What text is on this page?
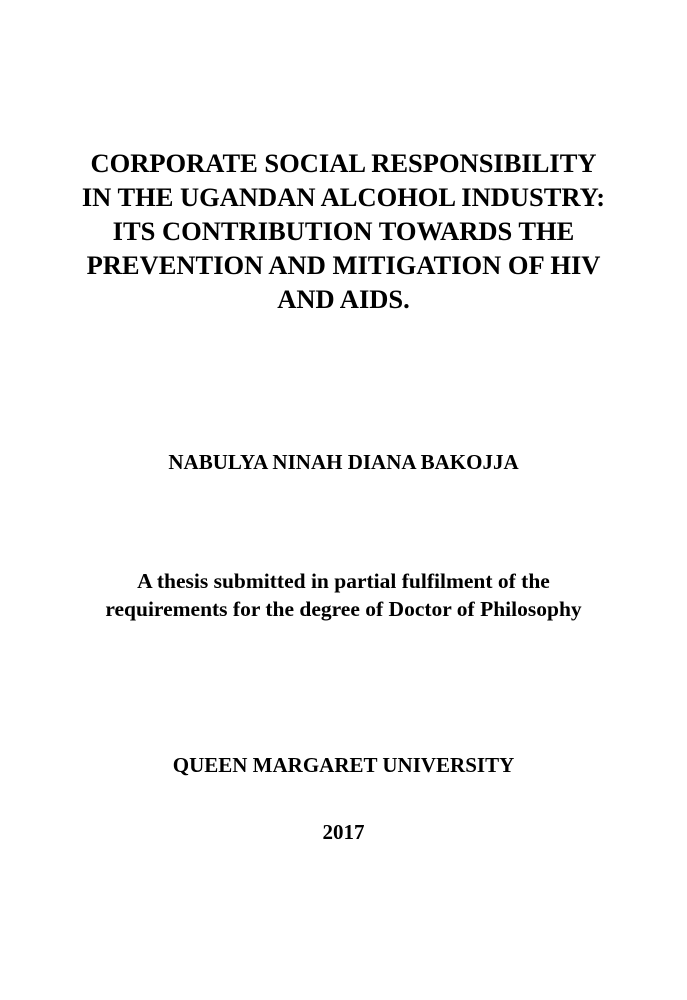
CORPORATE SOCIAL RESPONSIBILITY
IN THE UGANDAN ALCOHOL INDUSTRY:
ITS CONTRIBUTION TOWARDS THE
PREVENTION AND MITIGATION OF HIV
AND AIDS.
NABULYA NINAH DIANA BAKOJJA
A thesis submitted in partial fulfilment of the
requirements for the degree of Doctor of Philosophy
QUEEN MARGARET UNIVERSITY
2017
